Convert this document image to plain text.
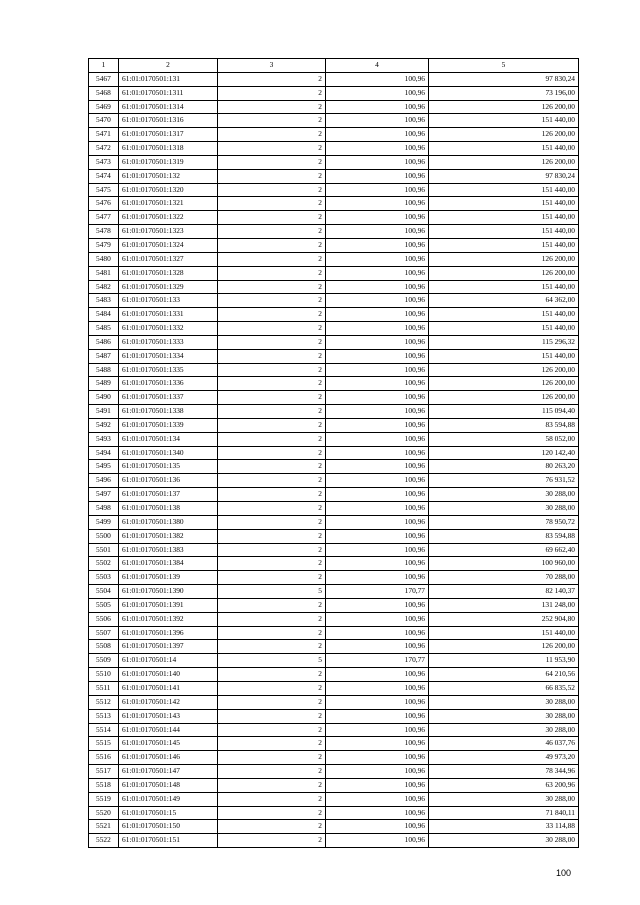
1	2	3	4	5
5467	61:01:0170501:131	2	100,96	97 830,24
5468	61:01:0170501:1311	2	100,96	73 196,00
5469	61:01:0170501:1314	2	100,96	126 200,00
5470	61:01:0170501:1316	2	100,96	151 440,00
5471	61:01:0170501:1317	2	100,96	126 200,00
5472	61:01:0170501:1318	2	100,96	151 440,00
5473	61:01:0170501:1319	2	100,96	126 200,00
5474	61:01:0170501:132	2	100,96	97 830,24
5475	61:01:0170501:1320	2	100,96	151 440,00
5476	61:01:0170501:1321	2	100,96	151 440,00
5477	61:01:0170501:1322	2	100,96	151 440,00
5478	61:01:0170501:1323	2	100,96	151 440,00
5479	61:01:0170501:1324	2	100,96	151 440,00
5480	61:01:0170501:1327	2	100,96	126 200,00
5481	61:01:0170501:1328	2	100,96	126 200,00
5482	61:01:0170501:1329	2	100,96	151 440,00
5483	61:01:0170501:133	2	100,96	64 362,00
5484	61:01:0170501:1331	2	100,96	151 440,00
5485	61:01:0170501:1332	2	100,96	151 440,00
5486	61:01:0170501:1333	2	100,96	115 296,32
5487	61:01:0170501:1334	2	100,96	151 440,00
5488	61:01:0170501:1335	2	100,96	126 200,00
5489	61:01:0170501:1336	2	100,96	126 200,00
5490	61:01:0170501:1337	2	100,96	126 200,00
5491	61:01:0170501:1338	2	100,96	115 094,40
5492	61:01:0170501:1339	2	100,96	83 594,88
5493	61:01:0170501:134	2	100,96	58 052,00
5494	61:01:0170501:1340	2	100,96	120 142,40
5495	61:01:0170501:135	2	100,96	80 263,20
5496	61:01:0170501:136	2	100,96	76 931,52
5497	61:01:0170501:137	2	100,96	30 288,00
5498	61:01:0170501:138	2	100,96	30 288,00
5499	61:01:0170501:1380	2	100,96	78 950,72
5500	61:01:0170501:1382	2	100,96	83 594,88
5501	61:01:0170501:1383	2	100,96	69 662,40
5502	61:01:0170501:1384	2	100,96	100 960,00
5503	61:01:0170501:139	2	100,96	70 288,00
5504	61:01:0170501:1390	5	170,77	82 140,37
5505	61:01:0170501:1391	2	100,96	131 248,00
5506	61:01:0170501:1392	2	100,96	252 904,80
5507	61:01:0170501:1396	2	100,96	151 440,00
5508	61:01:0170501:1397	2	100,96	126 200,00
5509	61:01:0170501:14	5	170,77	11 953,90
5510	61:01:0170501:140	2	100,96	64 210,56
5511	61:01:0170501:141	2	100,96	66 835,52
5512	61:01:0170501:142	2	100,96	30 288,00
5513	61:01:0170501:143	2	100,96	30 288,00
5514	61:01:0170501:144	2	100,96	30 288,00
5515	61:01:0170501:145	2	100,96	46 037,76
5516	61:01:0170501:146	2	100,96	49 973,20
5517	61:01:0170501:147	2	100,96	78 344,96
5518	61:01:0170501:148	2	100,96	63 200,96
5519	61:01:0170501:149	2	100,96	30 288,00
5520	61:01:0170501:15	2	100,96	71 840,11
5521	61:01:0170501:150	2	100,96	33 114,88
5522	61:01:0170501:151	2	100,96	30 288,00
100
